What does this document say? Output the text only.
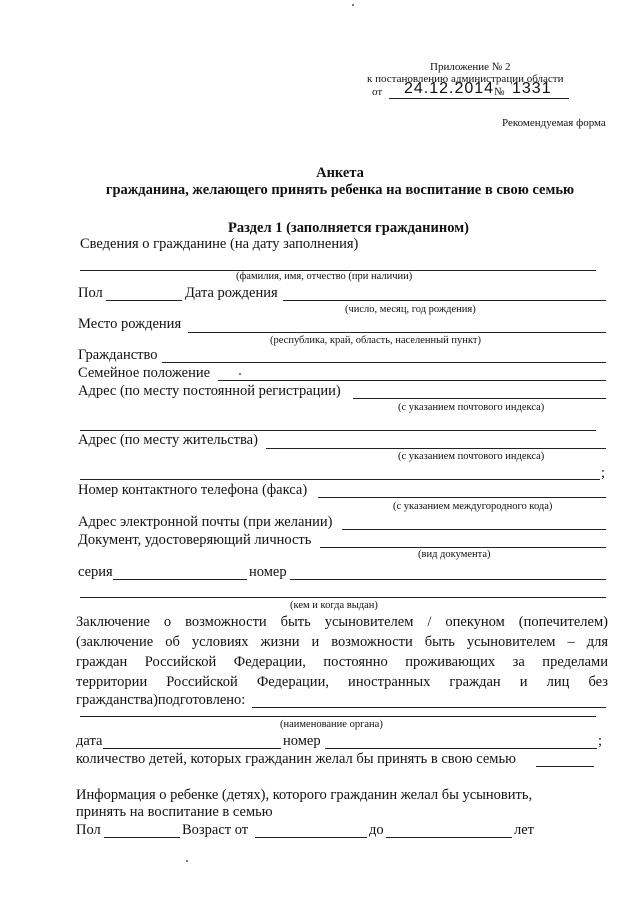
Приложение № 2
к постановлению администрации области
от 24.12.2014 № 1331
Рекомендуемая форма
Анкета
гражданина, желающего принять ребенка на воспитание в свою семью
Раздел 1 (заполняется гражданином)
Сведения о гражданине (на дату заполнения)
(фамилия, имя, отчество (при наличии)
Пол	Дата рождения
(число, месяц, год рождения)
Место рождения
(республика, край, область, населенный пункт)
Гражданство
Семейное положение
Адрес (по месту постоянной регистрации)
(с указанием почтового индекса)
Адрес (по месту жительства)
(с указанием почтового индекса)
;
Номер контактного телефона (факса)
(с указанием междугородного кода)
Адрес электронной почты (при желании)
Документ, удостоверяющий личность
(вид документа)
серия	номер
(кем и когда выдан)
Заключение о возможности быть усыновителем / опекуном (попечителем)
(заключение об условиях жизни и возможности быть усыновителем – для
граждан Российской Федерации, постоянно проживающих за пределами
территории Российской Федерации, иностранных граждан и лиц без
гражданства)подготовлено:
(наименование органа)
дата	номер	;
количество детей, которых гражданин желал бы принять в свою семью
Информация о ребенке (детях), которого гражданин желал бы усыновить,
принять на воспитание в семью
Пол	Возраст от	до	лет
